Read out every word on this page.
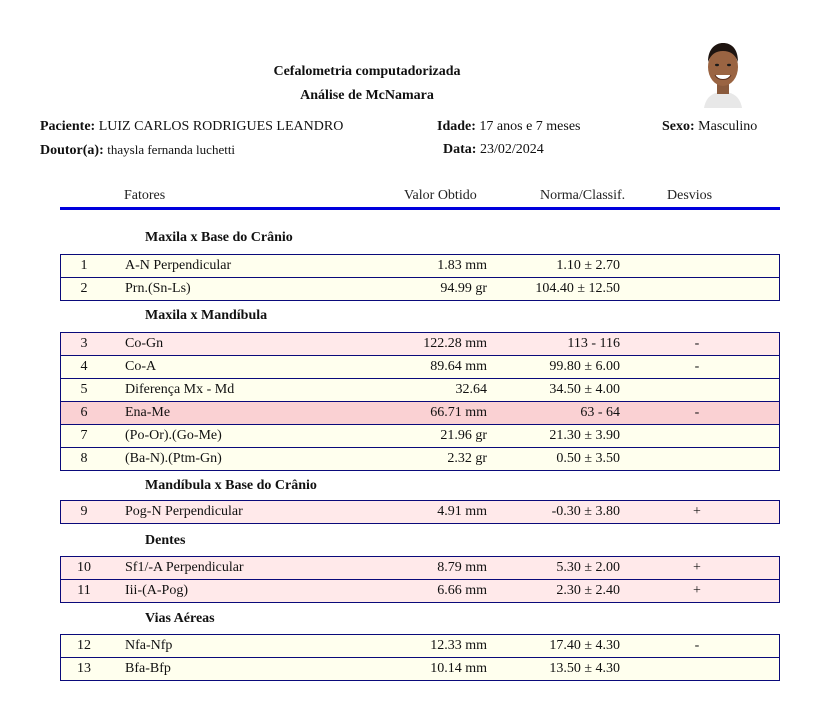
Cefalometria computadorizada
Análise de McNamara
Paciente: LUIZ CARLOS RODRIGUES LEANDRO	Idade: 17 anos e 7 meses	Sexo: Masculino
Doutor(a): thaysla fernanda luchetti	Data: 23/02/2024
Fatores	Valor Obtido	Norma/Classif.	Desvios
Maxila x Base do Crânio
1	A-N Perpendicular	1.83 mm	1.10 ± 2.70
2	Prn.(Sn-Ls)	94.99 gr	104.40 ± 12.50
Maxila x Mandíbula
3	Co-Gn	122.28 mm	113 - 116	-
4	Co-A	89.64 mm	99.80 ± 6.00	-
5	Diferença Mx - Md	32.64	34.50 ± 4.00
6	Ena-Me	66.71 mm	63 - 64	-
7	(Po-Or).(Go-Me)	21.96 gr	21.30 ± 3.90
8	(Ba-N).(Ptm-Gn)	2.32 gr	0.50 ± 3.50
Mandíbula x Base do Crânio
9	Pog-N Perpendicular	4.91 mm	-0.30 ± 3.80	+
Dentes
10	Sf1/-A Perpendicular	8.79 mm	5.30 ± 2.00	+
11	Iii-(A-Pog)	6.66 mm	2.30 ± 2.40	+
Vias Aéreas
12	Nfa-Nfp	12.33 mm	17.40 ± 4.30	-
13	Bfa-Bfp	10.14 mm	13.50 ± 4.30
